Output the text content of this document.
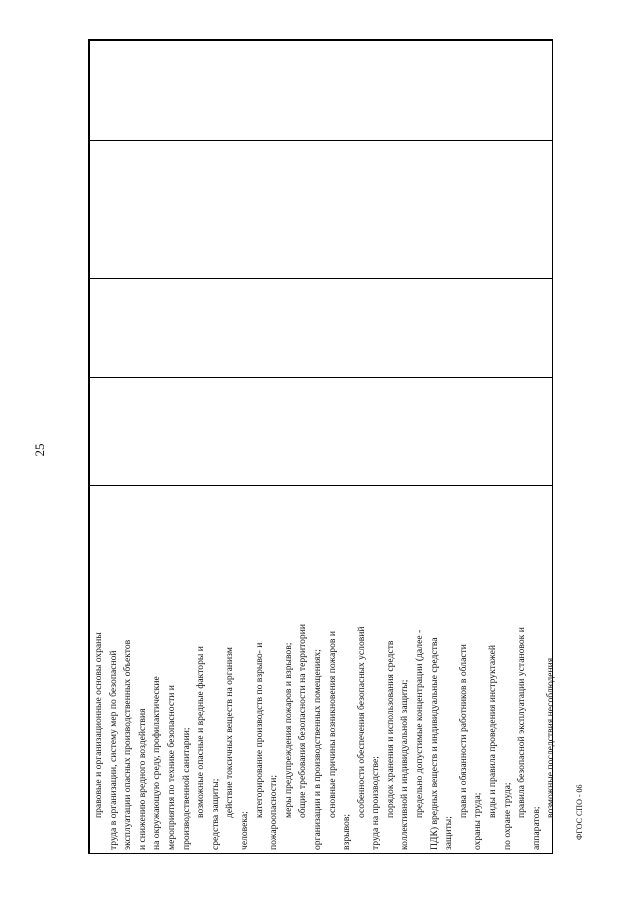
25
правовые и организационные основы охраны труда в организации, систему мер по безопасной эксплуатации опасных производственных объектов и снижению вредного воздействия на окружающую среду, профилактические мероприятия по технике безопасности и производственной санитарии; возможные опасные и вредные факторы и средства защиты; действие токсичных веществ на организм
человека;
категорирование производств по взрыво- и пожароопасности; меры предупреждения пожаров и взрывов; общие требования безопасности на территории организации и в производственных помещениях; основные причины возникновения пожаров и
взрывов;
особенности обеспечения безопасных условий труда на производстве; порядок хранения и использования средств коллективной и индивидуальной защиты; предельно допустимые концентрации (далее - ПДК) вредных веществ и индивидуальные средства защиты;
права и обязанности работников в области
охраны труда;
виды и правила проведения инструктажей по охране труда; правила безопасной эксплуатации установок и
аппаратов;
возможные последствия несоблюдения	ФГОС СПО - 06
